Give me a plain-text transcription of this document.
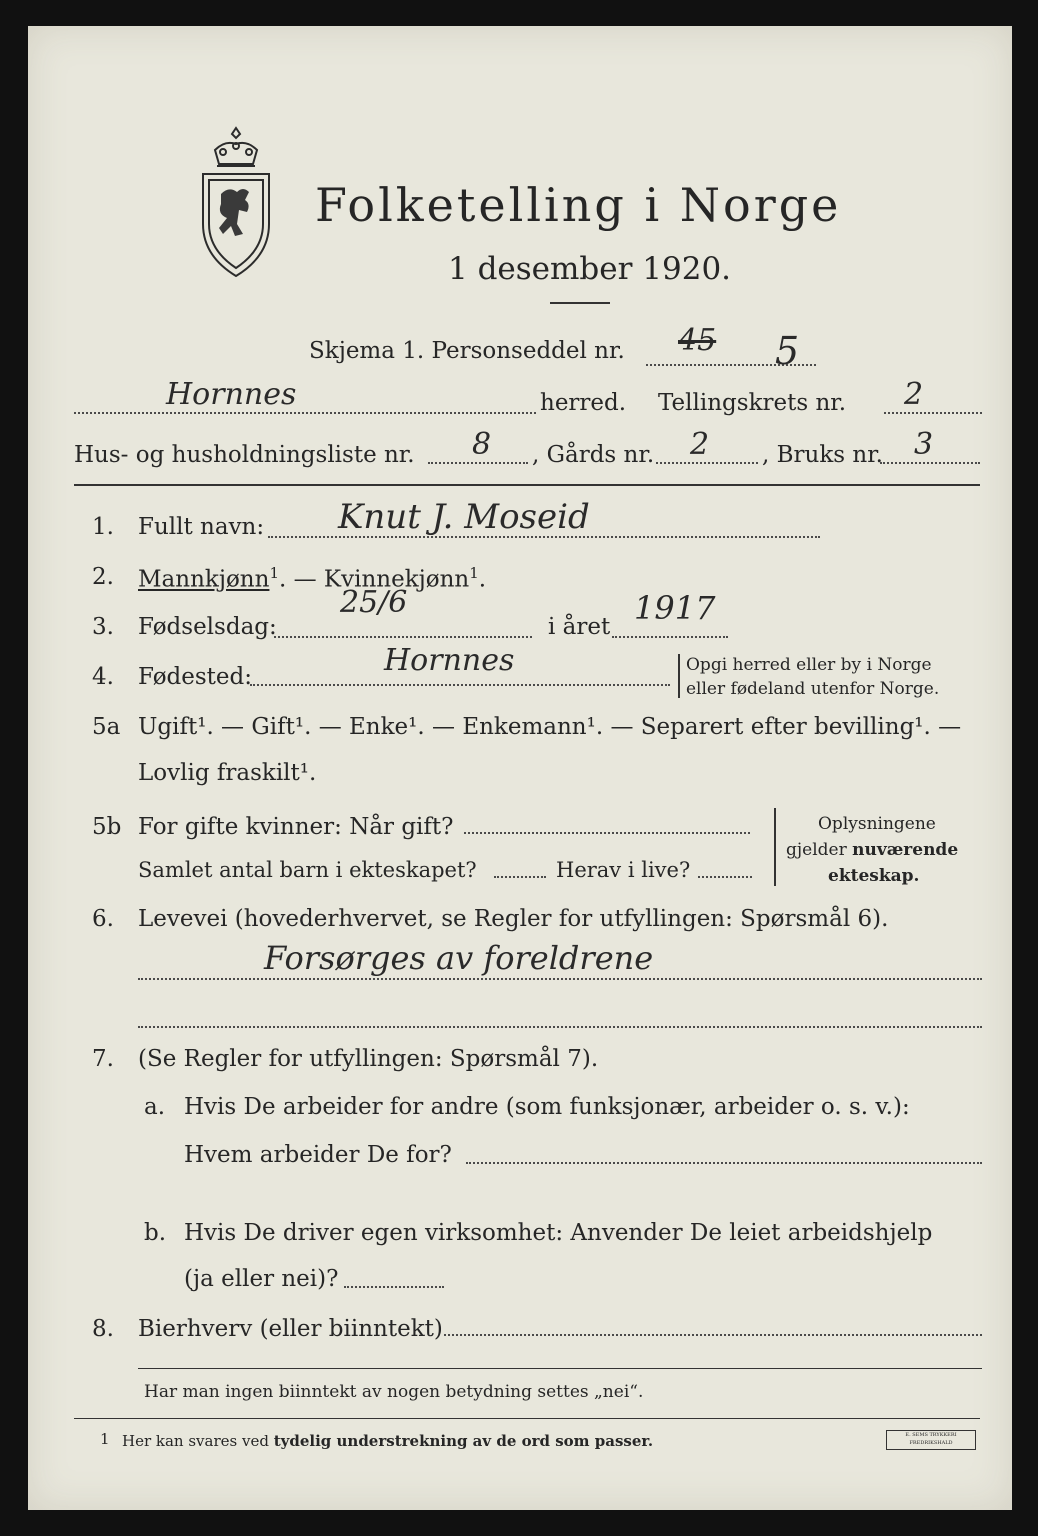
Folketelling i Norge
1 desember 1920.
Skjema 1. Personseddel nr. 45 5
Hornnes	herred. Tellingskrets nr. 2
Hus- og husholdningsliste nr. 8 , Gårds nr. 2 , Bruks nr. 3
1. Fullt navn: Knut J. Moseid
2. Mannkjønn$^1$. — Kvinnekjønn$^1$.
3. Fødselsdag:
25/6
i året 1917
4. Fødested:	Hornnes	Opgi herred eller by i Norge
eller fødeland utenfor Norge.
5a Ugift¹. — Gift¹. — Enke¹. — Enkemann¹. — Separert efter bevilling¹. —
Lovlig fraskilt¹.
5b For gifte kvinner: Når gift?
Samlet antal barn i ekteskapet?	Herav i live?
Oplysningene
gjelder nuværende
ekteskap.
6. Levevei (hovederhvervet, se Regler for utfyllingen: Spørsmål 6).
Forsørges av foreldrene
7. (Se Regler for utfyllingen: Spørsmål 7).
a. Hvis De arbeider for andre (som funksjonær, arbeider o. s. v.):
Hvem arbeider De for?
b. Hvis De driver egen virksomhet: Anvender De leiet arbeidshjelp
(ja eller nei)?
8. Bierhverv (eller biinntekt)
Har man ingen biinntekt av nogen betydning settes „nei“.
1 Her kan svares ved tydelig understrekning av de ord som passer.	E. SEMS TRYKKERI FREDRIKSHALD
